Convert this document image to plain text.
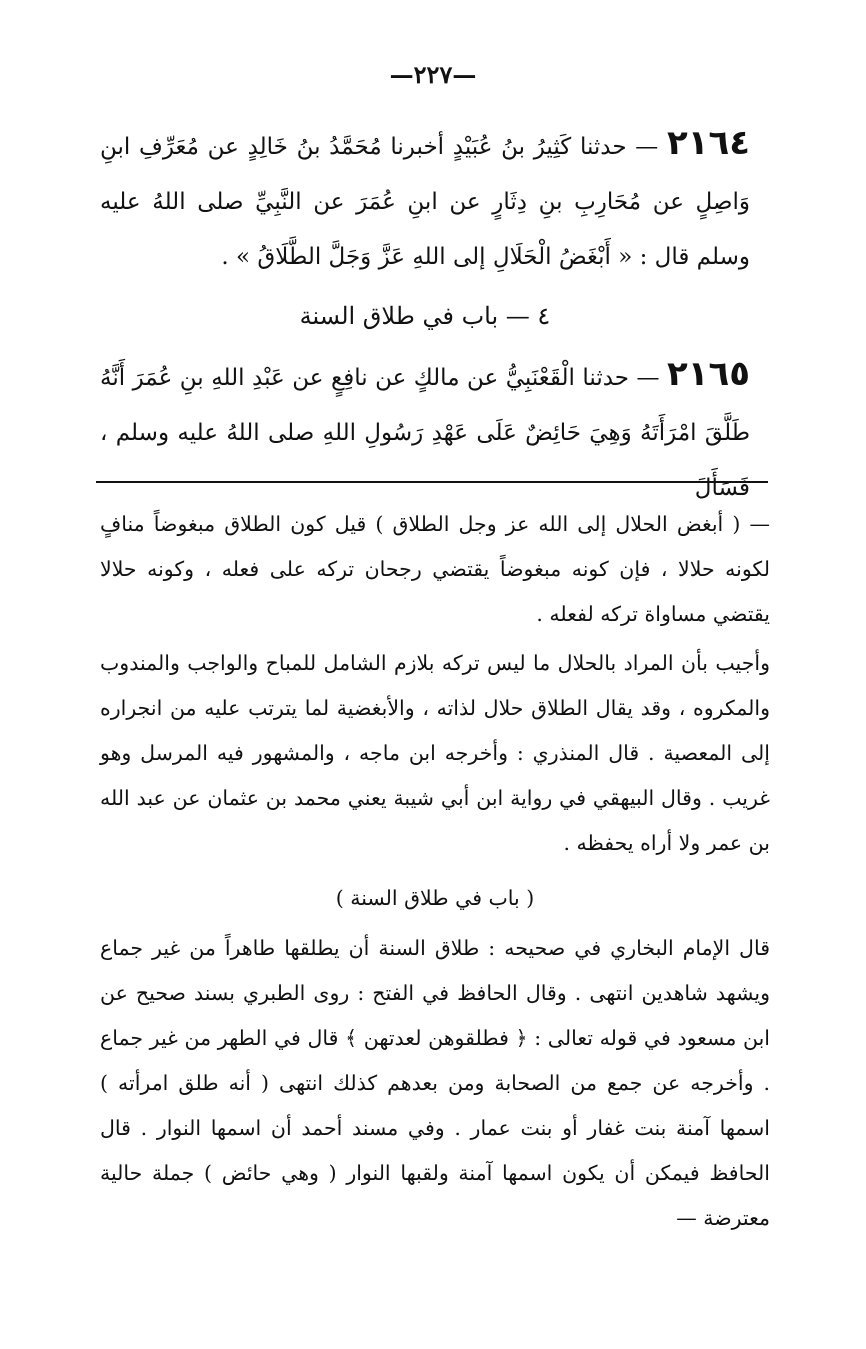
—٢٢٧—

٢١٦٤ — حدثنا كَثِيرُ بنُ عُبَيْدٍ أخبرنا مُحَمَّدُ بنُ خَالِدٍ عن مُعَرِّفِ ابنِ وَاصِلٍ عن مُحَارِبِ بنِ دِثَارٍ عن ابنِ عُمَرَ عن النَّبِيِّ صلى اللهُ عليه وسلم قال : « أَبْغَضُ الْحَلَالِ إلى اللهِ عَزَّ وَجَلَّ الطَّلَاقُ » .

٤ — باب في طلاق السنة

٢١٦٥ — حدثنا الْقَعْنَبِيُّ عن مالكٍ عن نافِعٍ عن عَبْدِ اللهِ بنِ عُمَرَ أَنَّهُ طَلَّقَ امْرَأَتَهُ وَهِيَ حَائِضٌ عَلَى عَهْدِ رَسُولِ اللهِ صلى اللهُ عليه وسلم ، فَسَأَلَ

— ( أبغض الحلال إلى الله عز وجل الطلاق ) قيل كون الطلاق مبغوضاً منافٍ لكونه حلالا ، فإن كونه مبغوضاً يقتضي رجحان تركه على فعله ، وكونه حلالا يقتضي مساواة تركه لفعله .

وأجيب بأن المراد بالحلال ما ليس تركه بلازم الشامل للمباح والواجب والمندوب والمكروه ، وقد يقال الطلاق حلال لذاته ، والأبغضية لما يترتب عليه من انجراره إلى المعصية . قال المنذري : وأخرجه ابن ماجه ، والمشهور فيه المرسل وهو غريب . وقال البيهقي في رواية ابن أبي شيبة يعني محمد بن عثمان عن عبد الله بن عمر ولا أراه يحفظه .

( باب في طلاق السنة )

قال الإمام البخاري في صحيحه : طلاق السنة أن يطلقها طاهراً من غير جماع ويشهد شاهدين انتهى . وقال الحافظ في الفتح : روى الطبري بسند صحيح عن ابن مسعود في قوله تعالى : ﴿ فطلقوهن لعدتهن ﴾ قال في الطهر من غير جماع . وأخرجه عن جمع من الصحابة ومن بعدهم كذلك انتهى ( أنه طلق امرأته ) اسمها آمنة بنت غفار أو بنت عمار . وفي مسند أحمد أن اسمها النوار . قال الحافظ فيمكن أن يكون اسمها آمنة ولقبها النوار ( وهي حائض ) جملة حالية معترضة —
